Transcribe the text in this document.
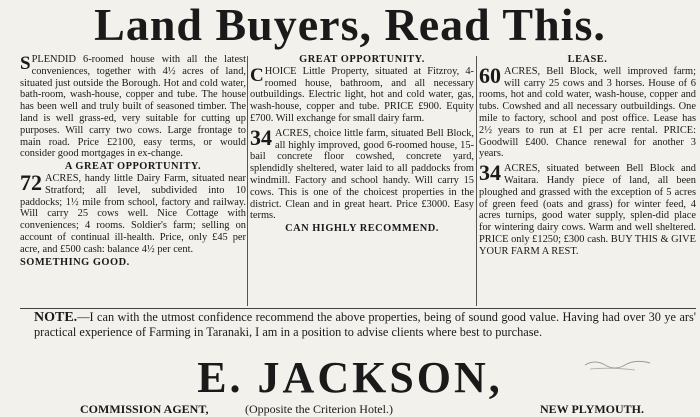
Land Buyers, Read This.

SPLENDID 6-roomed house with all the latest conveniences, together with 4½ acres of land, situated just outside the Borough. Hot and cold water, bath-room, wash-house, copper and tube. The house has been well and truly built of seasoned timber. The land is well grass-ed, very suitable for cutting up purposes. Will carry two cows. Large frontage to main road. Price £2100, easy terms, or would consider good mortgages in ex-change.

A GREAT OPPORTUNITY.

72 ACRES, handy little Dairy Farm, situated near Stratford; all level, subdivided into 10 paddocks; 1½ mile from school, factory and railway. Will carry 25 cows well. Nice Cottage with conveniences; 4 rooms. Soldier's farm; selling on account of continual ill-health. Price, only £45 per acre, and £500 cash: balance 4½ per cent.

SOMETHING GOOD.
GREAT OPPORTUNITY.

CHOICE Little Property, situated at Fitzroy, 4-roomed house, bathroom, and all necessary outbuildings. Electric light, hot and cold water, gas, wash-house, copper and tube. PRICE £900. Equity £700. Will exchange for small dairy farm.

34 ACRES, choice little farm, situated Bell Block, all highly improved, good 6-roomed house, 15-bail concrete floor cowshed, concrete yard, splendidly sheltered, water laid to all paddocks from windmill. Factory and school handy. Will carry 15 cows. This is one of the choicest properties in the district. Clean and in great heart. Price £3000. Easy terms.

CAN HIGHLY RECOMMEND.
LEASE.

60 ACRES, Bell Block, well improved farm; will carry 25 cows and 3 horses. House of 6 rooms, hot and cold water, wash-house, copper and tubs. Cowshed and all necessary outbuildings. One mile to factory, school and post office. Lease has 2½ years to run at £1 per acre rental. PRICE: Goodwill £400. Chance renewal for another 3 years.

34 ACRES, situated between Bell Block and Waitara. Handy piece of land, all been ploughed and grassed with the exception of 5 acres of green feed (oats and grass) for winter feed, 4 acres turnips, good water supply, splen-did place for wintering dairy cows. Warm and well sheltered. PRICE only £1250; £300 cash. BUY THIS & GIVE YOUR FARM A REST.

NOTE.—I can with the utmost confidence recommend the above properties, being of sound good value. Having had over 30 ye ars' practical experience of Farming in Taranaki, I am in a position to advise clients where best to purchase.
E. JACKSON,
COMMISSION AGENT,	(Opposite the Criterion Hotel.)	NEW PLYMOUTH.
